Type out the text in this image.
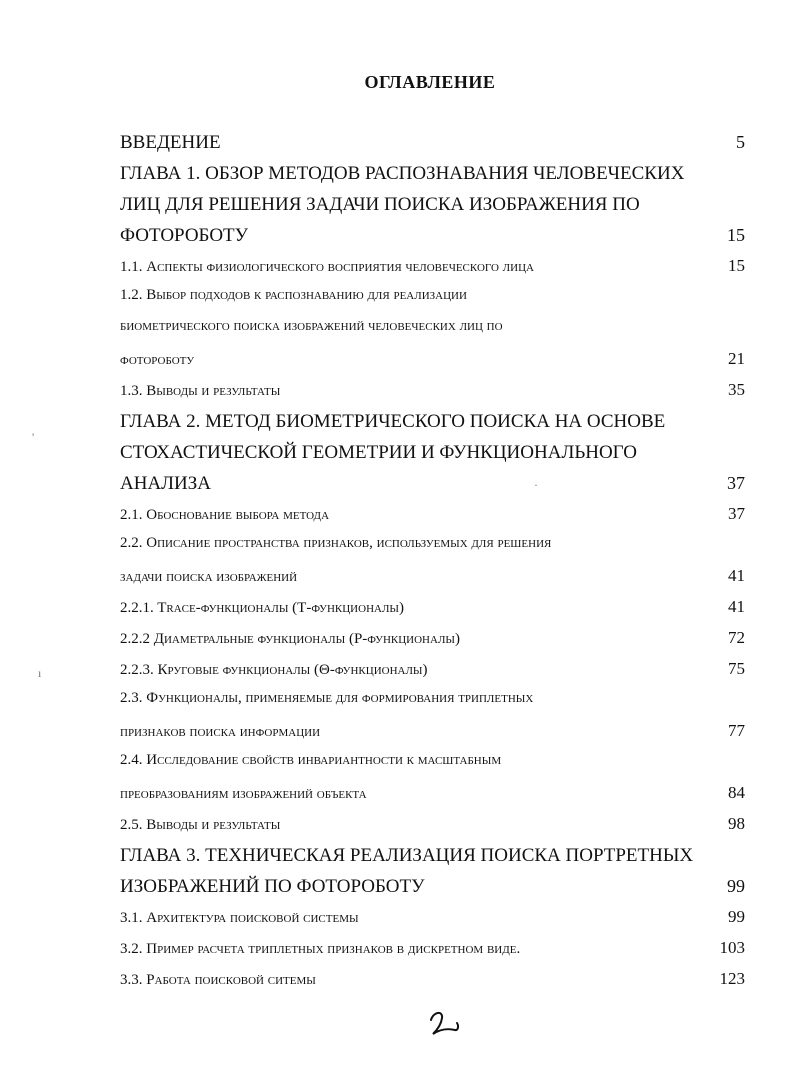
ОГЛАВЛЕНИЕ
ВВЕДЕНИЕ	5
ГЛАВА 1. ОБЗОР МЕТОДОВ РАСПОЗНАВАНИЯ ЧЕЛОВЕЧЕСКИХ
ЛИЦ ДЛЯ РЕШЕНИЯ ЗАДАЧИ ПОИСКА ИЗОБРАЖЕНИЯ ПО
ФОТОРОБОТУ	15
1.1. Аспекты физиологического восприятия человеческого лица	15
1.2. Выбор подходов к распознаванию для реализации
биометрического поиска изображений человеческих лиц по
фотороботу	21
1.3. Выводы и результаты	35
ГЛАВА 2. МЕТОД БИОМЕТРИЧЕСКОГО ПОИСКА НА ОСНОВЕ
СТОХАСТИЧЕСКОЙ ГЕОМЕТРИИ И ФУНКЦИОНАЛЬНОГО
АНАЛИЗА	37
2.1. Обоснование выбора метода	37
2.2. Описание пространства признаков, используемых для решения
задачи поиска изображений	41
2.2.1. Trace-функционалы (Т-функционалы)	41
2.2.2 Диаметральные функционалы (Р-функционалы)	72
2.2.3. Круговые функционалы (Θ-функционалы)	75
2.3. Функционалы, применяемые для формирования триплетных
признаков поиска информации	77
2.4. Исследование свойств инвариантности к масштабным
преобразованиям изображений объекта	84
2.5. Выводы и результаты	98
ГЛАВА 3. ТЕХНИЧЕСКАЯ РЕАЛИЗАЦИЯ ПОИСКА ПОРТРЕТНЫХ
ИЗОБРАЖЕНИЙ ПО ФОТОРОБОТУ	99
3.1. Архитектура поисковой системы	99
3.2. Пример расчета триплетных признаков в дискретном виде.	103
3.3. Работа поисковой ситемы	123
'
ı
·
